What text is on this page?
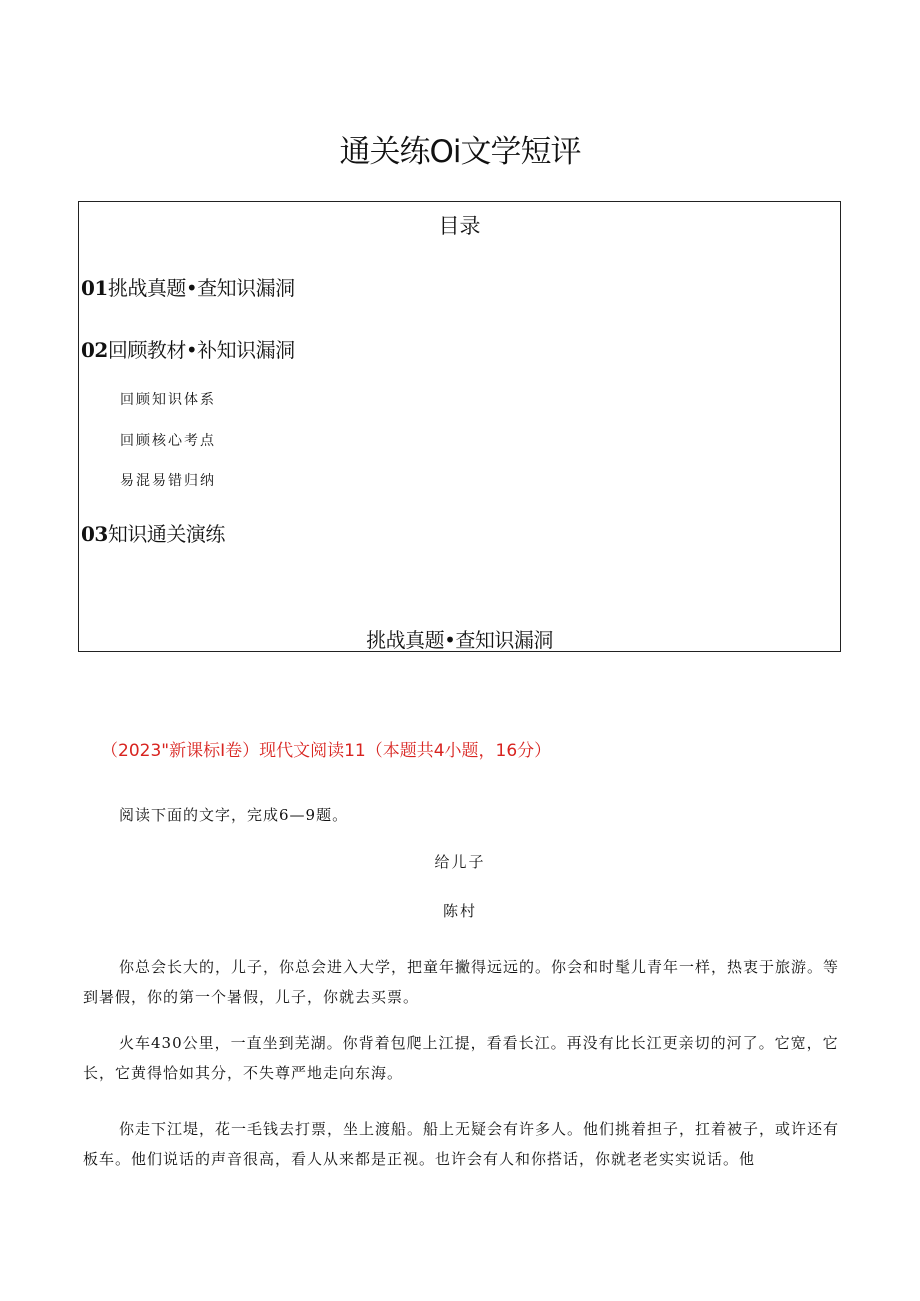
通关练Oi文学短评
目录
01挑战真题•查知识漏洞
02回顾教材•补知识漏洞
回顾知识体系
回顾核心考点
易混易错归纳
03知识通关演练
挑战真题•查知识漏洞
（2023"新课标I卷）现代文阅读11（本题共4小题，16分）
阅读下面的文字，完成6—9题。
给儿子
陈村
你总会长大的，儿子，你总会进入大学，把童年撇得远远的。你会和时髦儿青年一样，热衷于旅游。等到暑假，你的第一个暑假，儿子，你就去买票。
火车430公里，一直坐到芜湖。你背着包爬上江提，看看长江。再没有比长江更亲切的河了。它宽，它长，它黄得恰如其分，不失尊严地走向东海。
你走下江堤，花一毛钱去打票，坐上渡船。船上无疑会有许多人。他们挑着担子，扛着被子，或许还有板车。他们说话的声音很高，看人从来都是正视。也许会有人和你搭话，你就老老实实说话。他
